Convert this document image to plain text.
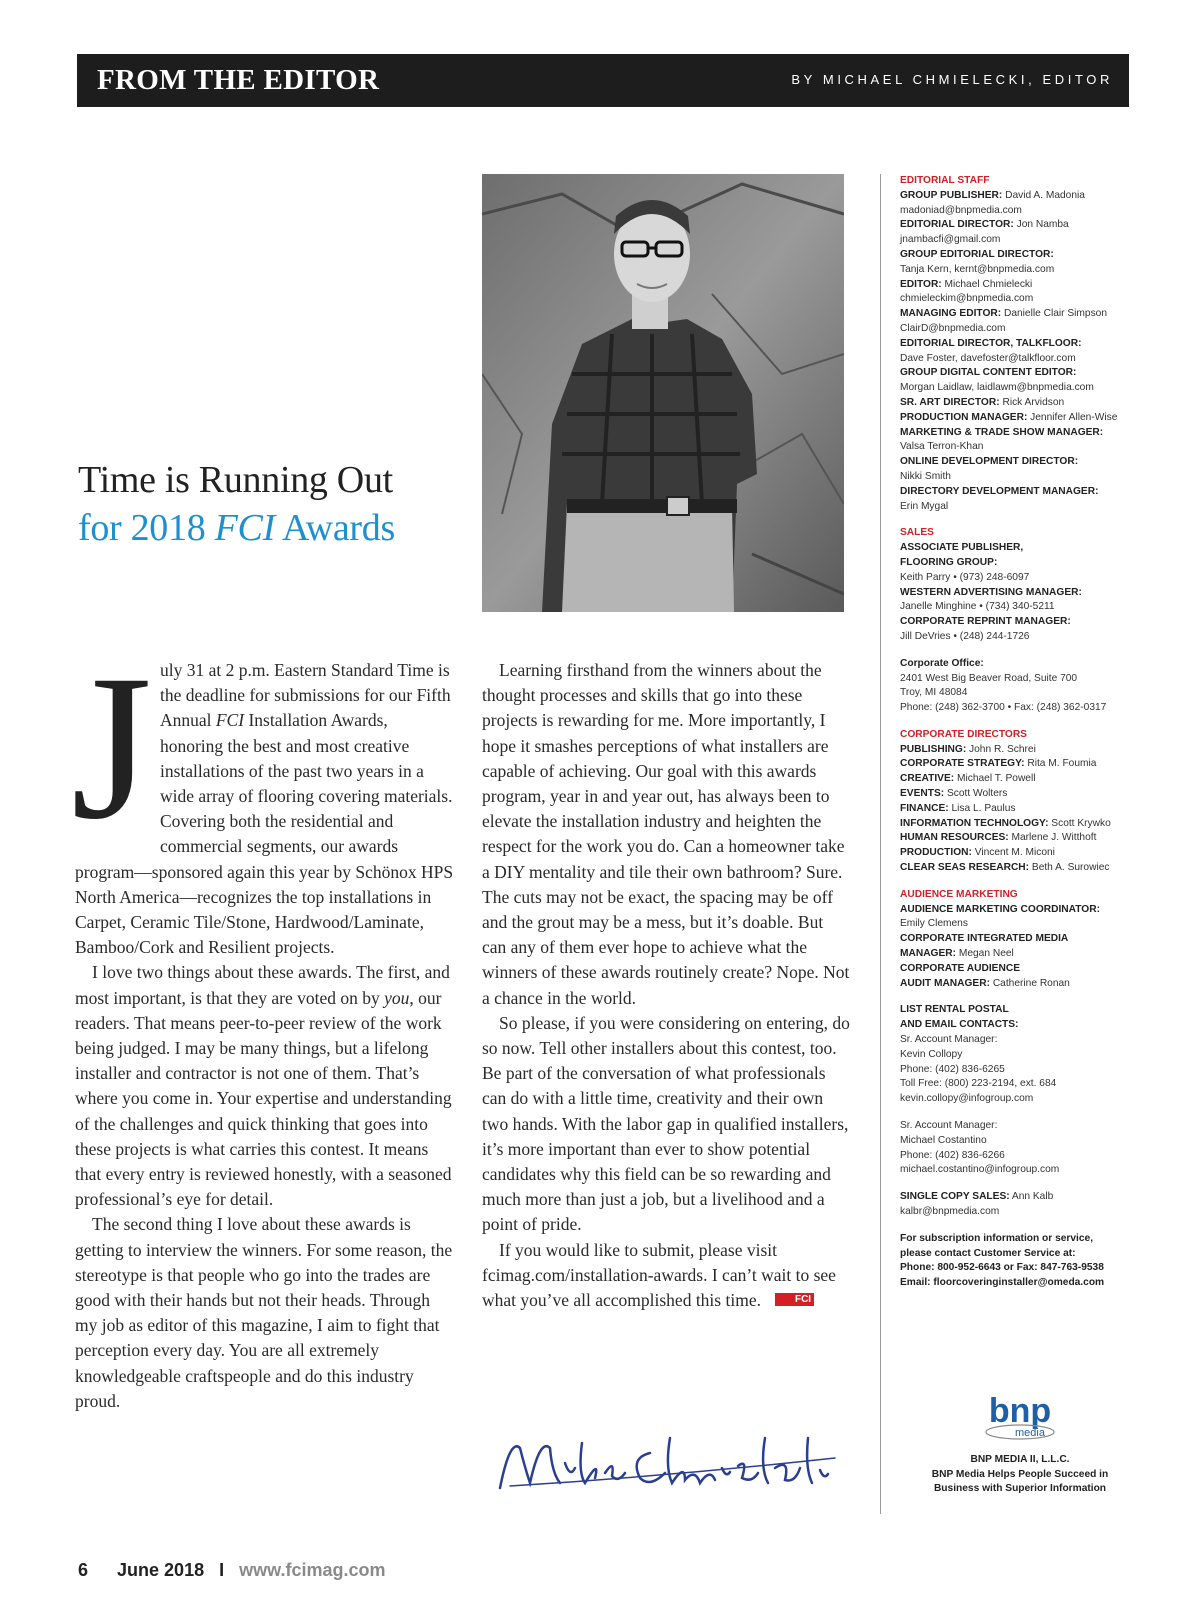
FROM THE EDITOR	BY MICHAEL CHMIELECKI, EDITOR
Time is Running Out
for 2018 FCI Awards

July 31 at 2 p.m. Eastern Standard Time is the deadline for submissions for our Fifth Annual FCI Installation Awards, honoring the best and most creative installations of the past two years in a wide array of flooring covering materials. Covering both the residential and commercial segments, our awards program—sponsored again this year by Schönox HPS North America—recognizes the top installations in Carpet, Ceramic Tile/Stone, Hardwood/Laminate, Bamboo/Cork and Resilient projects.

I love two things about these awards. The first, and most important, is that they are voted on by you, our readers. That means peer-to-peer review of the work being judged. I may be many things, but a lifelong installer and contractor is not one of them. That’s where you come in. Your expertise and understanding of the challenges and quick thinking that goes into these projects is what carries this contest. It means that every entry is reviewed honestly, with a seasoned professional’s eye for detail.

The second thing I love about these awards is getting to interview the winners. For some reason, the stereotype is that people who go into the trades are good with their hands but not their heads. Through my job as editor of this magazine, I aim to fight that perception every day. You are all extremely knowledgeable craftspeople and do this industry proud.

Learning firsthand from the winners about the thought processes and skills that go into these projects is rewarding for me. More importantly, I hope it smashes perceptions of what installers are capable of achieving. Our goal with this awards program, year in and year out, has always been to elevate the installation industry and heighten the respect for the work you do. Can a homeowner take a DIY mentality and tile their own bathroom? Sure. The cuts may not be exact, the spacing may be off and the grout may be a mess, but it’s doable. But can any of them ever hope to achieve what the winners of these awards routinely create? Nope. Not a chance in the world.

So please, if you were considering on entering, do so now. Tell other installers about this contest, too. Be part of the conversation of what professionals can do with a little time, creativity and their own two hands. With the labor gap in qualified installers, it’s more important than ever to show potential candidates why this field can be so rewarding and much more than just a job, but a livelihood and a point of pride.

If you would like to submit, please visit fcimag.com/installation-awards. I can’t wait to see what you’ve all accomplished this time.	FCI

EDITORIAL STAFF
GROUP PUBLISHER: David A. Madonia
madoniad@bnpmedia.com
EDITORIAL DIRECTOR: Jon Namba
jnambacfi@gmail.com
GROUP EDITORIAL DIRECTOR:
Tanja Kern, kernt@bnpmedia.com
EDITOR: Michael Chmielecki
chmieleckim@bnpmedia.com
MANAGING EDITOR: Danielle Clair Simpson
ClairD@bnpmedia.com
EDITORIAL DIRECTOR, TALKFLOOR:
Dave Foster, davefoster@talkfloor.com
GROUP DIGITAL CONTENT EDITOR:
Morgan Laidlaw, laidlawm@bnpmedia.com
SR. ART DIRECTOR: Rick Arvidson
PRODUCTION MANAGER: Jennifer Allen-Wise
MARKETING & TRADE SHOW MANAGER:
Valsa Terron-Khan
ONLINE DEVELOPMENT DIRECTOR:
Nikki Smith
DIRECTORY DEVELOPMENT MANAGER:
Erin Mygal
SALES
ASSOCIATE PUBLISHER,
FLOORING GROUP:
Keith Parry • (973) 248-6097
WESTERN ADVERTISING MANAGER:
Janelle Minghine • (734) 340-5211
CORPORATE REPRINT MANAGER:
Jill DeVries • (248) 244-1726
Corporate Office:
2401 West Big Beaver Road, Suite 700
Troy, MI 48084
Phone: (248) 362-3700 • Fax: (248) 362-0317
CORPORATE DIRECTORS
PUBLISHING: John R. Schrei
CORPORATE STRATEGY: Rita M. Foumia
CREATIVE: Michael T. Powell
EVENTS: Scott Wolters
FINANCE: Lisa L. Paulus
INFORMATION TECHNOLOGY: Scott Krywko
HUMAN RESOURCES: Marlene J. Witthoft
PRODUCTION: Vincent M. Miconi
CLEAR SEAS RESEARCH: Beth A. Surowiec
AUDIENCE MARKETING
AUDIENCE MARKETING COORDINATOR:
Emily Clemens
CORPORATE INTEGRATED MEDIA
MANAGER: Megan Neel
CORPORATE AUDIENCE
AUDIT MANAGER: Catherine Ronan
LIST RENTAL POSTAL
AND EMAIL CONTACTS:
Sr. Account Manager:
Kevin Collopy
Phone: (402) 836-6265
Toll Free: (800) 223-2194, ext. 684
kevin.collopy@infogroup.com
Sr. Account Manager:
Michael Costantino
Phone: (402) 836-6266
michael.costantino@infogroup.com
SINGLE COPY SALES: Ann Kalb
kalbr@bnpmedia.com
For subscription information or service,
please contact Customer Service at:
Phone: 800-952-6643 or Fax: 847-763-9538
Email: floorcoveringinstaller@omeda.com
bnp
media
BNP MEDIA II, L.L.C.
BNP Media Helps People Succeed in
Business with Superior Information
6 June 2018 I www.fcimag.com
